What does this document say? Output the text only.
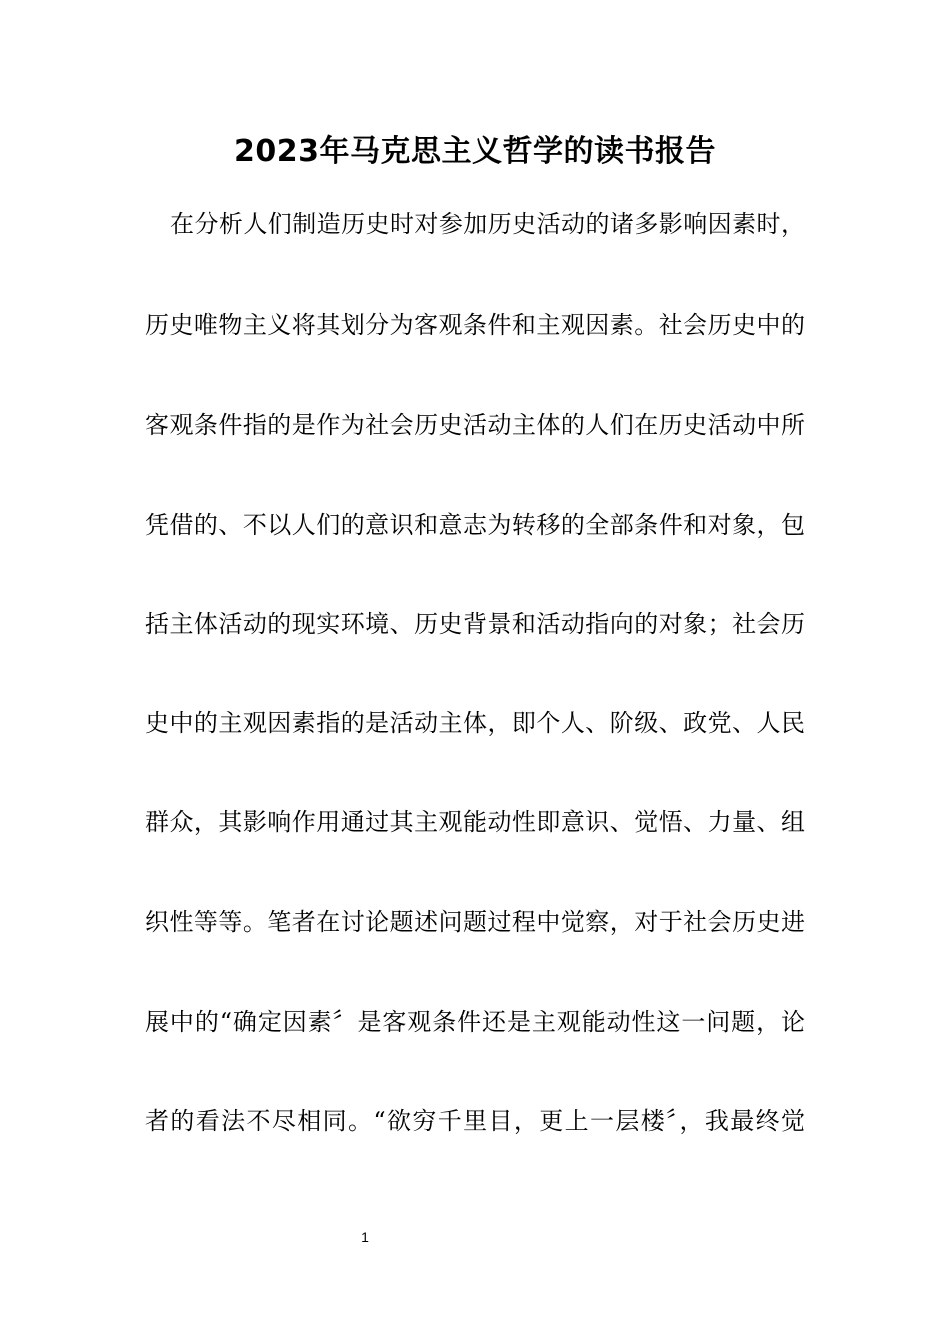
2023年马克思主义哲学的读书报告
在分析人们制造历史时对参加历史活动的诸多影响因素时，
历史唯物主义将其划分为客观条件和主观因素。社会历史中的
客观条件指的是作为社会历史活动主体的人们在历史活动中所
凭借的、不以人们的意识和意志为转移的全部条件和对象，包
括主体活动的现实环境、历史背景和活动指向的对象；社会历
史中的主观因素指的是活动主体，即个人、阶级、政党、人民
群众，其影响作用通过其主观能动性即意识、觉悟、力量、组
织性等等。笔者在讨论题述问题过程中觉察，对于社会历史进
展中的“确定因素〞是客观条件还是主观能动性这一问题，论
者的看法不尽相同。“欲穷千里目，更上一层楼〞，我最终觉
1
